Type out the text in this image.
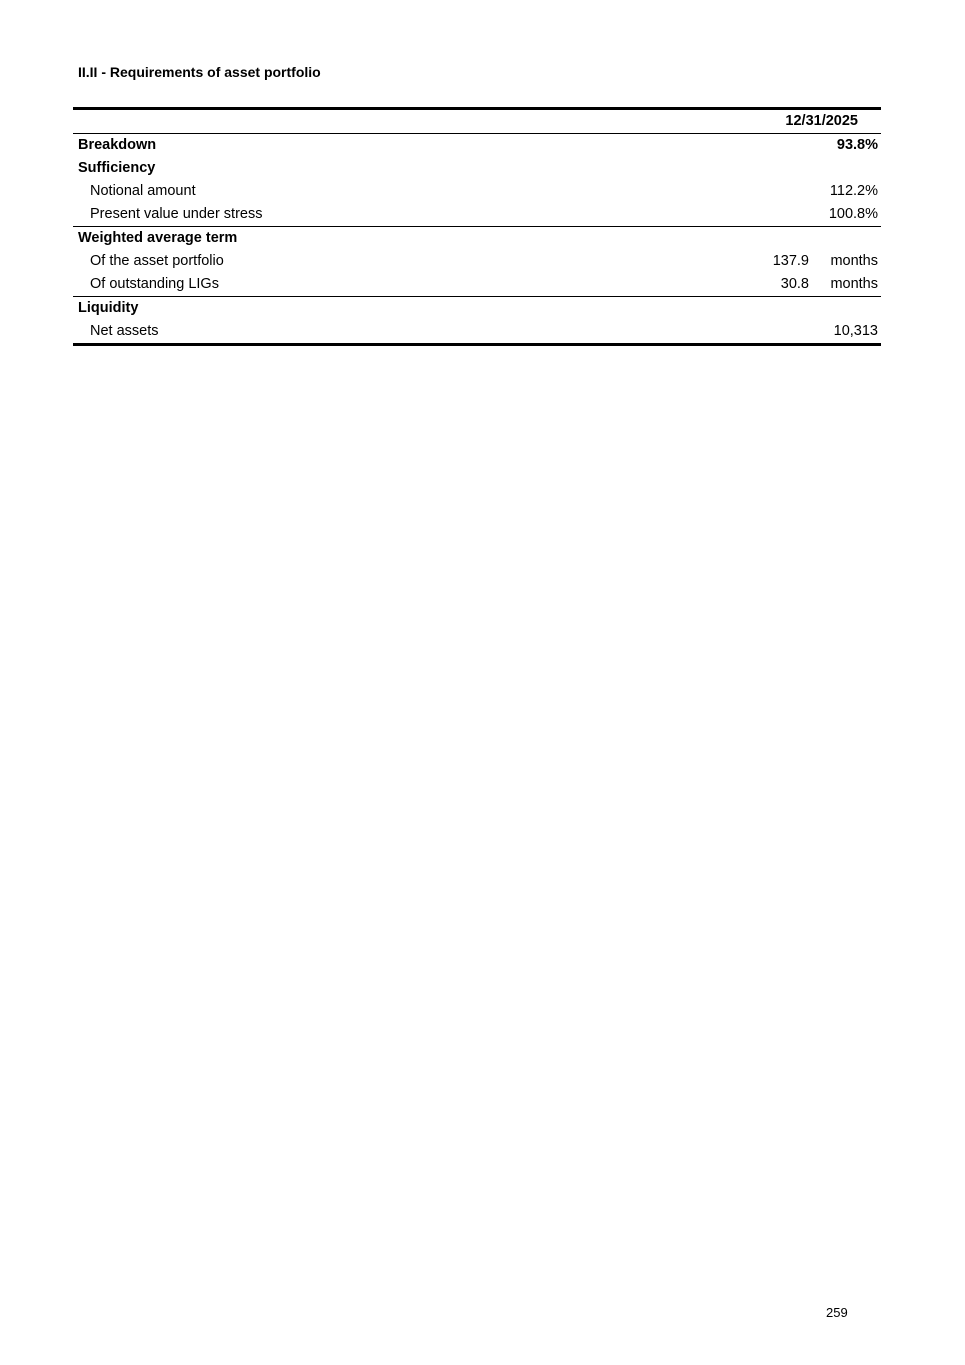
II.II - Requirements of asset portfolio
	12/31/2025	
Breakdown	93.8%	
Sufficiency		
Notional amount	112.2%	
Present value under stress	100.8%	
Weighted average term		
Of the asset portfolio	137.9	months
Of outstanding LIGs	30.8	months
Liquidity		
Net assets	10,313	

259
